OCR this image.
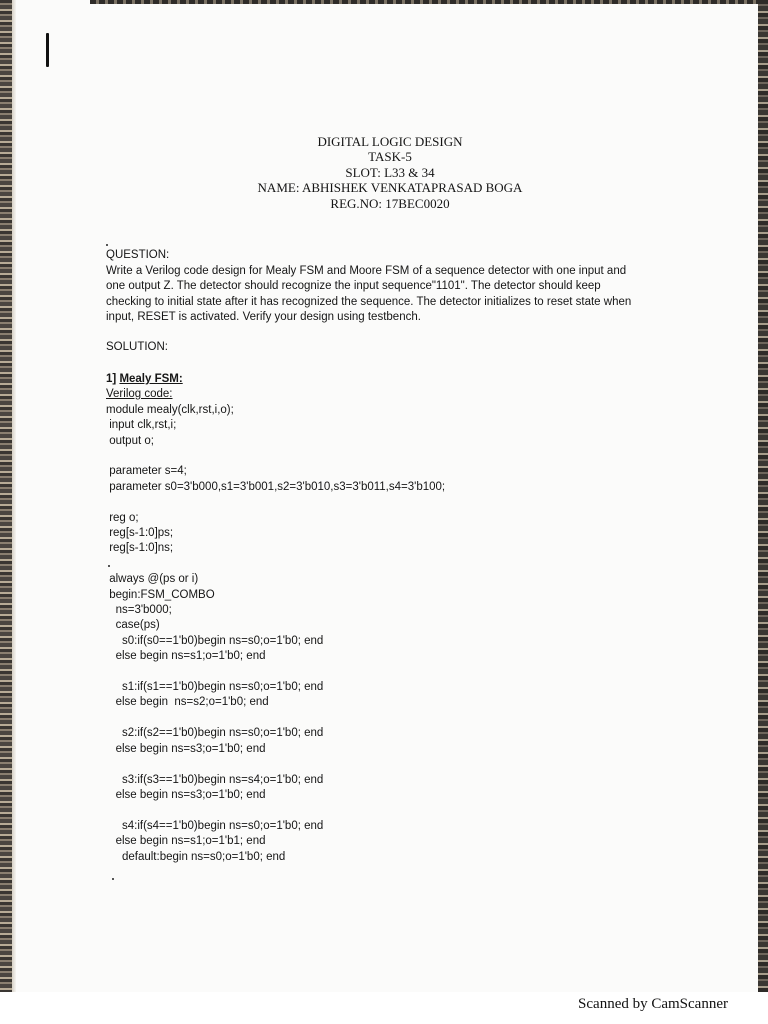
DIGITAL LOGIC DESIGN
TASK-5
SLOT: L33 & 34
NAME: ABHISHEK VENKATAPRASAD BOGA
REG.NO: 17BEC0020

QUESTION:

Write a Verilog code design for Mealy FSM and Moore FSM of a sequence detector with one input and
one output Z. The detector should recognize the input sequence"1101". The detector should keep
checking to initial state after it has recognized the sequence. The detector initializes to reset state when
input, RESET is activated. Verify your design using testbench.

SOLUTION:

1] Mealy FSM:

Verilog code:

module mealy(clk,rst,i,o);
input clk,rst,i;
output o;

parameter s=4;
parameter s0=3'b000,s1=3'b001,s2=3'b010,s3=3'b011,s4=3'b100;

reg o;
reg[s-1:0]ps;
reg[s-1:0]ns;

always @(ps or i)
begin:FSM_COMBO
ns=3'b000;
case(ps)
s0:if(s0==1'b0)begin ns=s0;o=1'b0; end
else begin ns=s1;o=1'b0; end

s1:if(s1==1'b0)begin ns=s0;o=1'b0; end
else begin  ns=s2;o=1'b0; end

s2:if(s2==1'b0)begin ns=s0;o=1'b0; end
else begin ns=s3;o=1'b0; end

s3:if(s3==1'b0)begin ns=s4;o=1'b0; end
else begin ns=s3;o=1'b0; end

s4:if(s4==1'b0)begin ns=s0;o=1'b0; end
else begin ns=s1;o=1'b1; end
default:begin ns=s0;o=1'b0; end
Scanned by CamScanner
